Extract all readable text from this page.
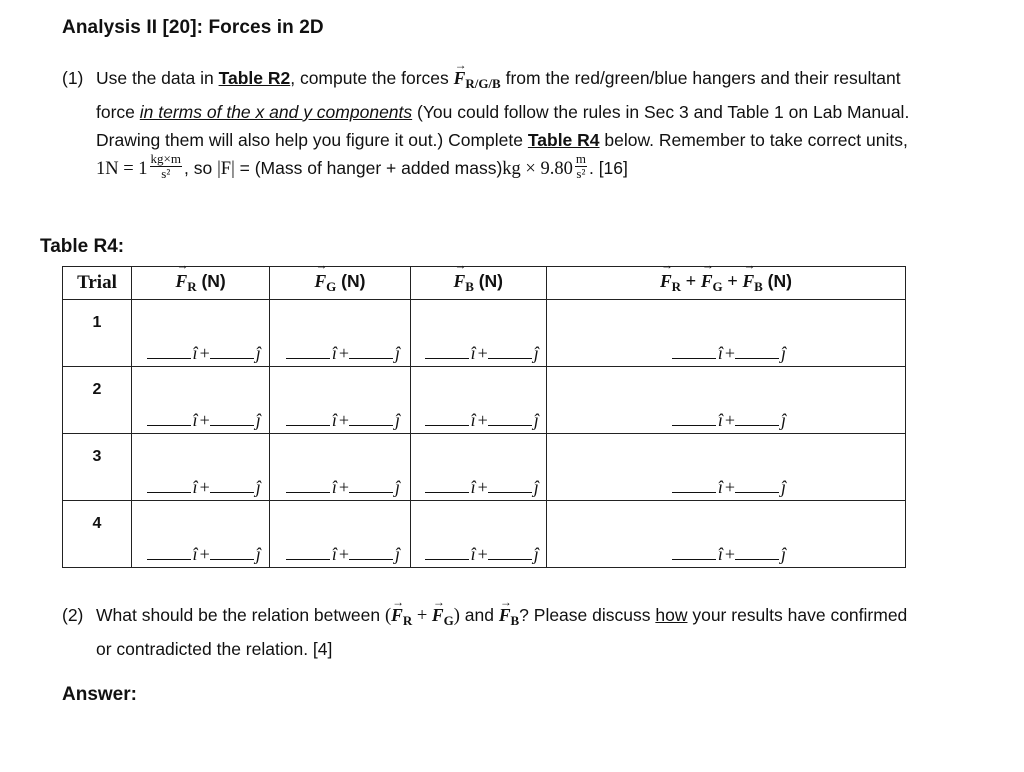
Analysis II [20]: Forces in 2D
(1) Use the data in Table R2, compute the forces → $F_{R/G/B}$ from the red/green/blue hangers and their resultant force in terms of the x and y components (You could follow the rules in Sec 3 and Table 1 on Lab Manual. Drawing them will also help you figure it out.) Complete Table R4 below. Remember to take correct units, $1N = 1 \frac{kg\times m}{\text{s²}}$ , so |F| = (Mass of hanger + added mass)kg × $9.80 \frac{m}{\text{s²}}$ . [16]
Table R4:
Trial	→ $F_R$ (N)	→ $F_G$ (N)	→ $F_B$ (N)	→ $F_R$ + → $F_G$ + → $F_B$ (N)
1	î + ĵ	î + ĵ	î + ĵ	î + ĵ

2	î + ĵ	î + ĵ	î + ĵ	î + ĵ

3	î + ĵ	î + ĵ	î + ĵ	î + ĵ

4	î + ĵ	î + ĵ	î + ĵ	î + ĵ
(2) What should be the relation between (→ $F_R$ + → $F_G$) and → $F_B$? Please discuss how your results have confirmed or contradicted the relation. [4]
Answer:
